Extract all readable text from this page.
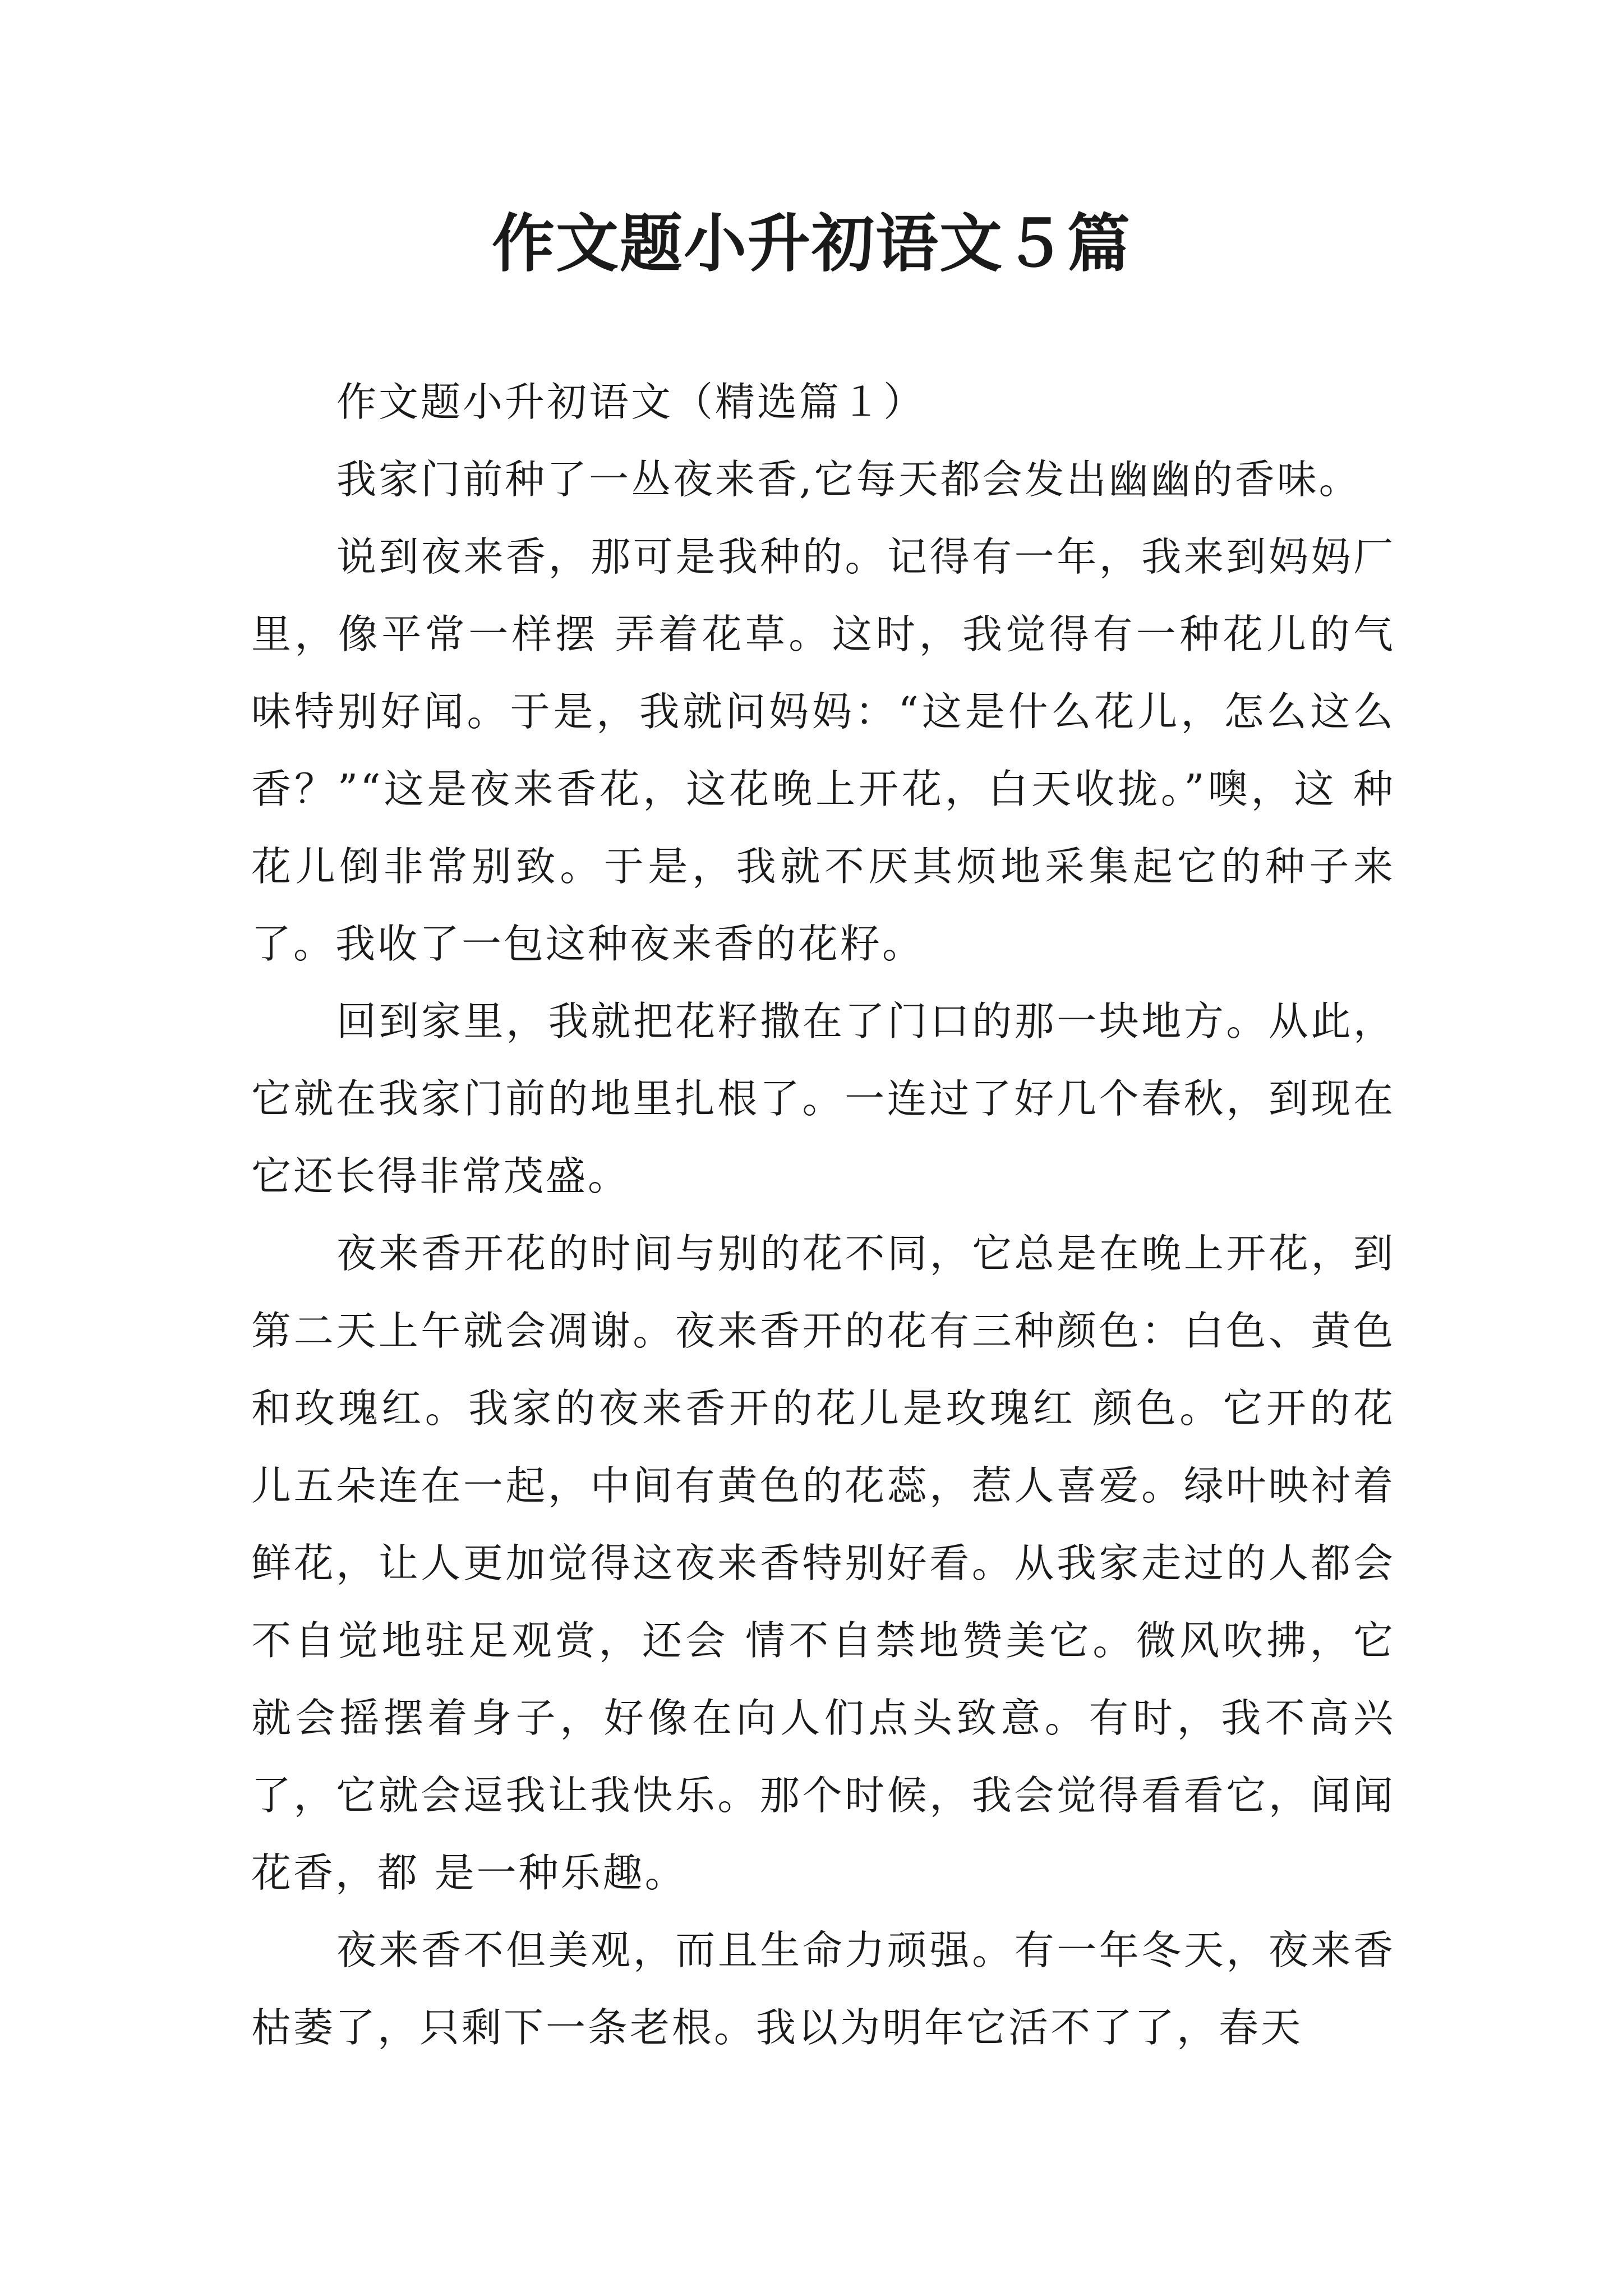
作文题小升初语文５篇

作文题小升初语文（精选篇１）

我家门前种了一丛夜来香,它每天都会发出幽幽的香味。

说到夜来香，那可是我种的。记得有一年，我来到妈妈厂里，像平常一样摆 弄着花草。这时，我觉得有一种花儿的气味特别好闻。于是，我就问妈妈：“这是什么花儿，怎么这么香？”“这是夜来香花，这花晚上开花，白天收拢。”噢，这 种花儿倒非常别致。于是，我就不厌其烦地采集起它的种子来了。我收了一包这种夜来香的花籽。

回到家里，我就把花籽撒在了门口的那一块地方。从此，它就在我家门前的地里扎根了。一连过了好几个春秋，到现在它还长得非常茂盛。

夜来香开花的时间与别的花不同，它总是在晚上开花，到第二天上午就会凋谢。夜来香开的花有三种颜色：白色、黄色和玫瑰红。我家的夜来香开的花儿是玫瑰红 颜色。它开的花儿五朵连在一起，中间有黄色的花蕊，惹人喜爱。绿叶映衬着鲜花，让人更加觉得这夜来香特别好看。从我家走过的人都会不自觉地驻足观赏，还会 情不自禁地赞美它。微风吹拂，它就会摇摆着身子，好像在向人们点头致意。有时，我不高兴了，它就会逗我让我快乐。那个时候，我会觉得看看它，闻闻花香，都 是一种乐趣。

夜来香不但美观，而且生命力顽强。有一年冬天，夜来香枯萎了，只剩下一条老根。我以为明年它活不了了，春天
